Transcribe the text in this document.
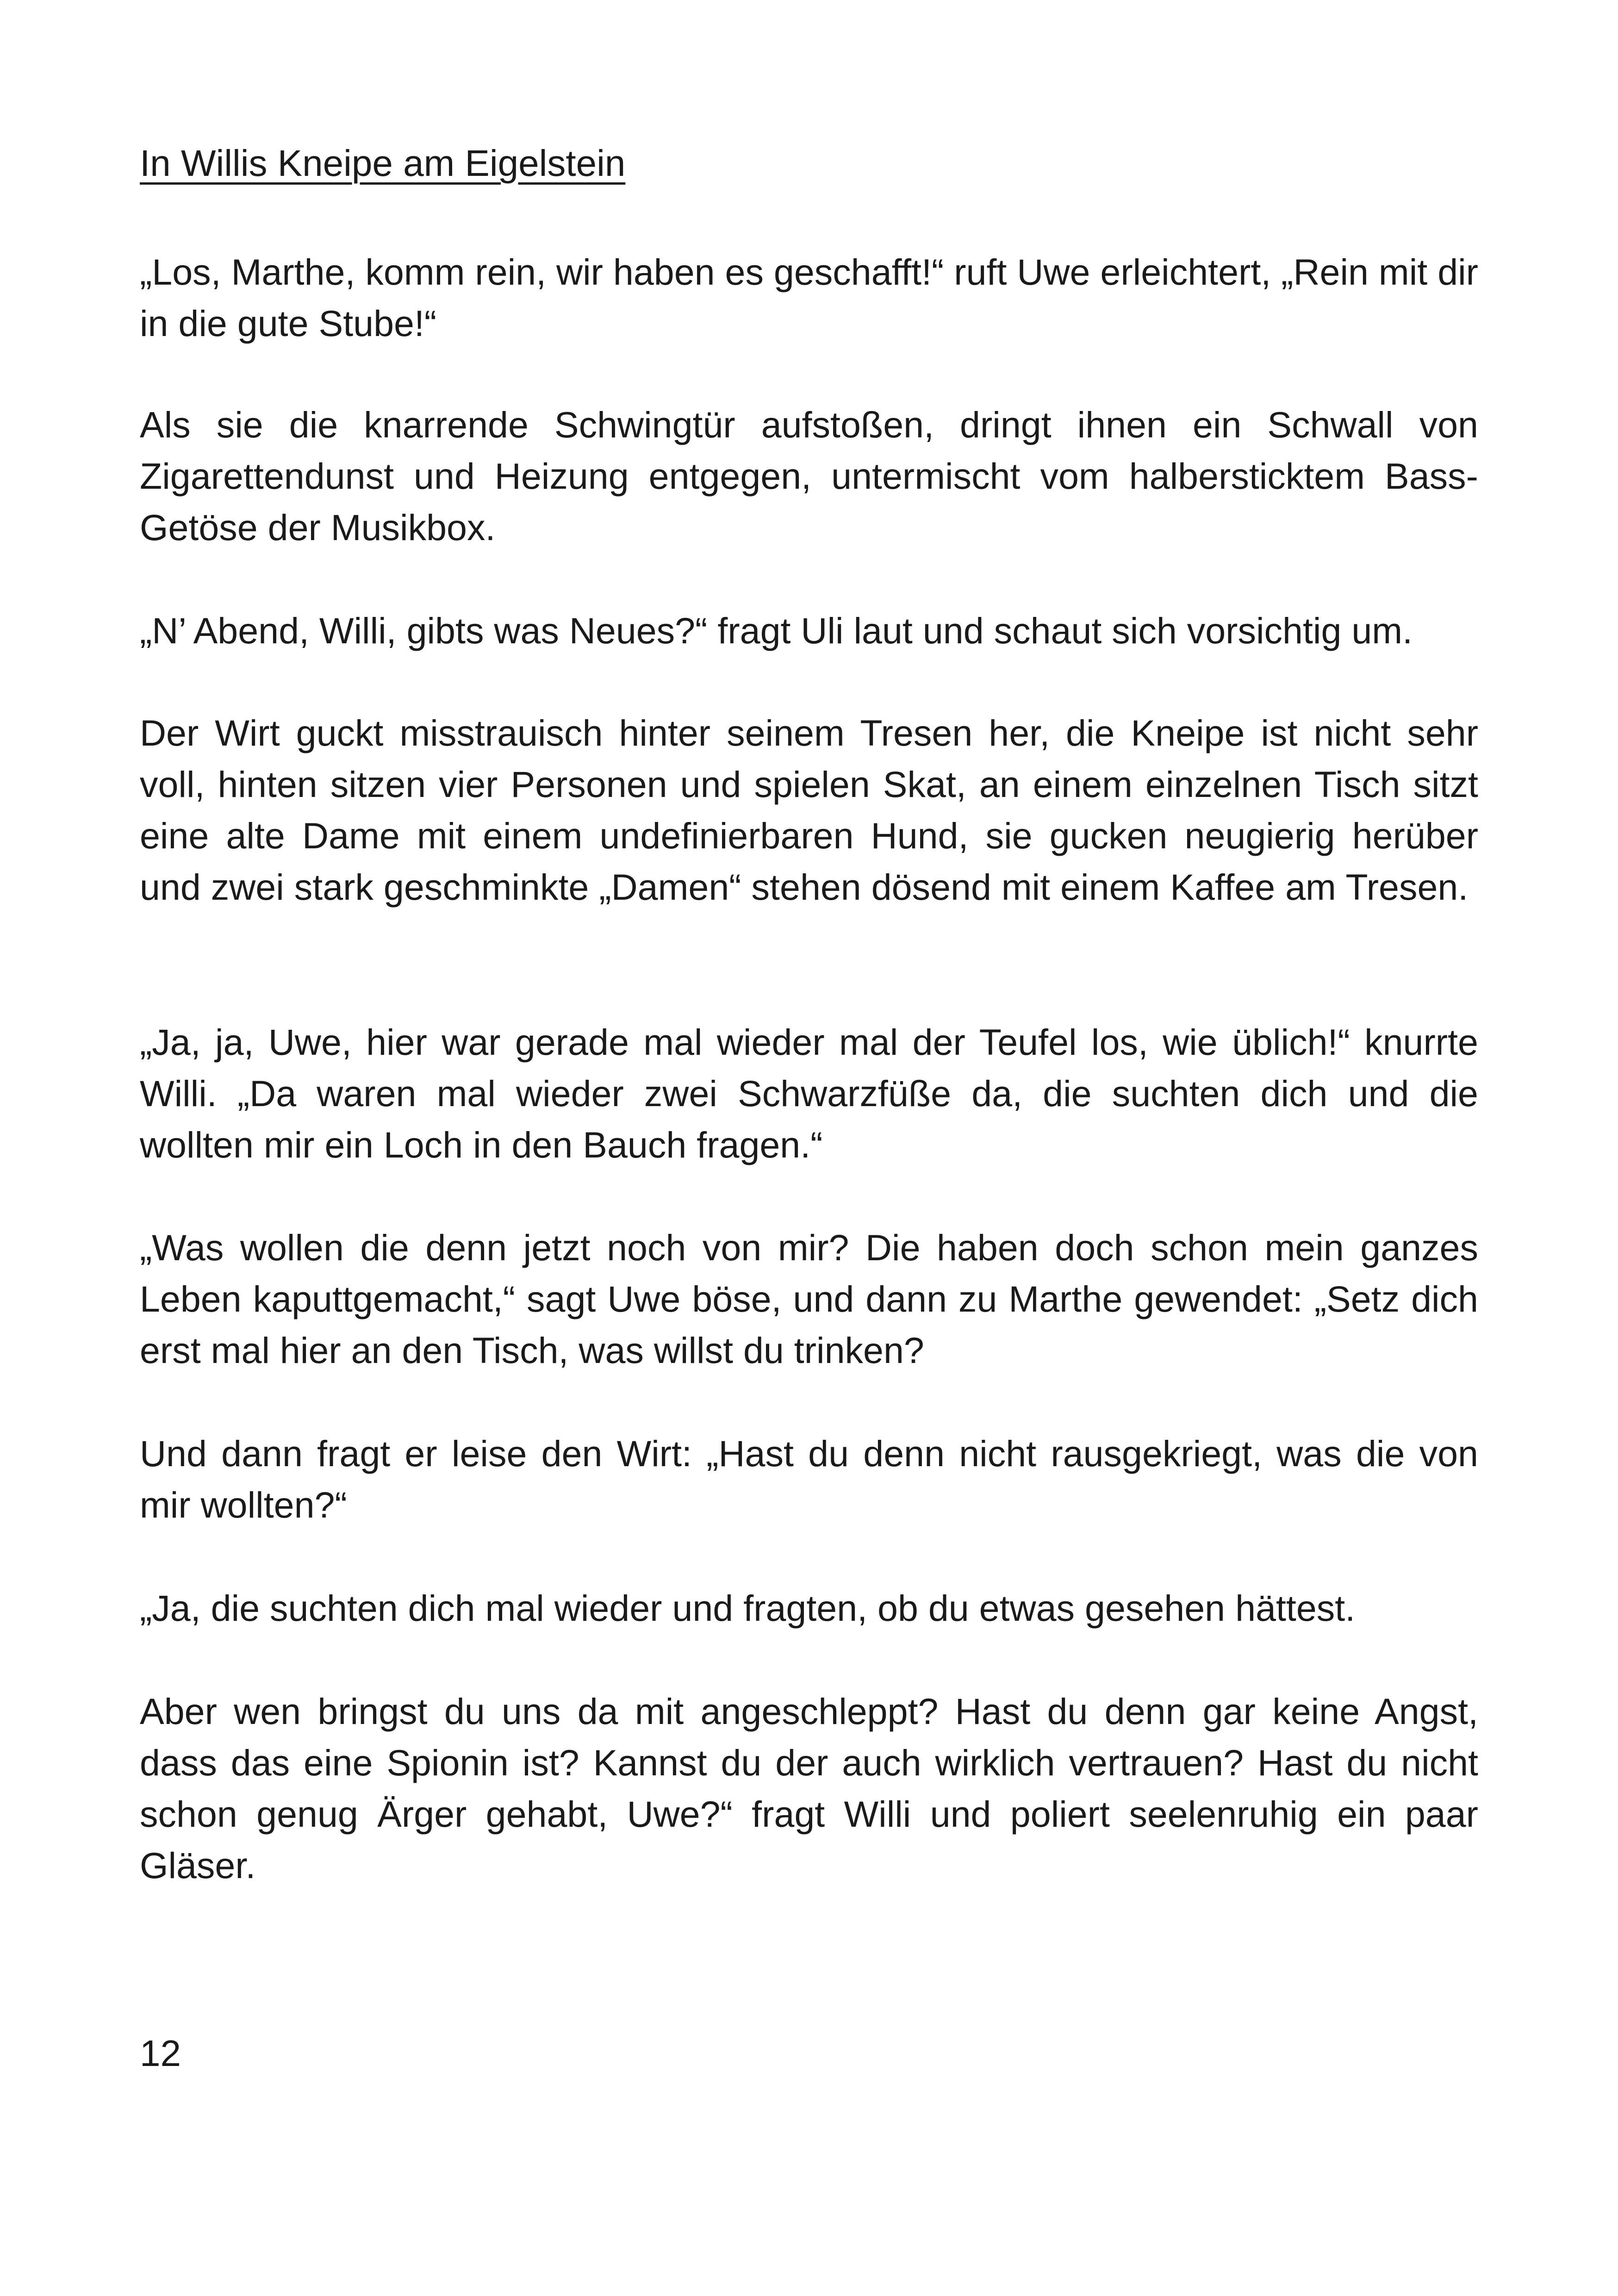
In Willis Kneipe am Eigelstein

„Los, Marthe, komm rein, wir haben es geschafft!“ ruft Uwe erleichtert, „Rein mit dir in die gute Stube!“

Als sie die knarrende Schwingtür aufstoßen, dringt ihnen ein Schwall von Zigarettendunst und Heizung entgegen, untermischt vom halbersticktem Bass-Getöse der Musikbox.

„N’ Abend, Willi, gibts was Neues?“ fragt Uli laut und schaut sich vorsichtig um.

Der Wirt guckt misstrauisch hinter seinem Tresen her, die Kneipe ist nicht sehr voll, hinten sitzen vier Personen und spielen Skat, an einem einzelnen Tisch sitzt eine alte Dame mit einem undefinierbaren Hund, sie gucken neugierig herüber und zwei stark geschminkte „Damen“ stehen dösend mit einem Kaffee am Tresen.

„Ja, ja, Uwe, hier war gerade mal wieder mal der Teufel los, wie üblich!“ knurrte Willi. „Da waren mal wieder zwei Schwarzfüße da, die suchten dich und die wollten mir ein Loch in den Bauch fragen.“

„Was wollen die denn jetzt noch von mir? Die haben doch schon mein ganzes Leben kaputtgemacht,“ sagt Uwe böse, und dann zu Marthe gewendet: „Setz dich erst mal hier an den Tisch, was willst du trinken?

Und dann fragt er leise den Wirt: „Hast du denn nicht rausgekriegt, was die von mir wollten?“

„Ja, die suchten dich mal wieder und fragten, ob du etwas gesehen hättest.

Aber wen bringst du uns da mit angeschleppt? Hast du denn gar keine Angst, dass das eine Spionin ist? Kannst du der auch wirklich vertrauen? Hast du nicht schon genug Ärger gehabt, Uwe?“ fragt Willi und poliert seelenruhig ein paar Gläser.

12
